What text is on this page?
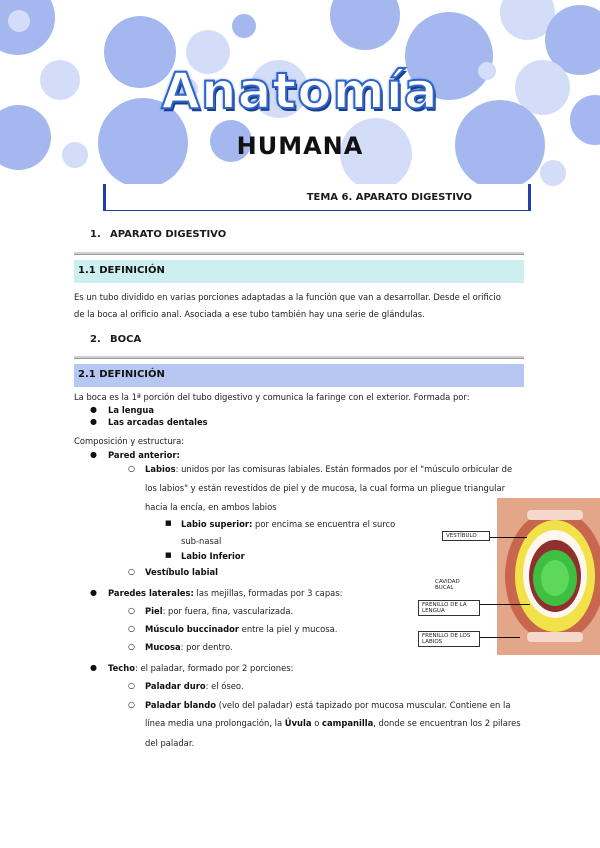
Anatomía
HUMANA
TEMA 6. APARATO DIGESTIVO
1. APARATO DIGESTIVO
1.1 DEFINICIÓN
Es un tubo dividido en varias porciones adaptadas a la función que van a desarrollar. Desde el orificio
de la boca al orificio anal. Asociada a ese tubo también hay una serie de glándulas.
2. BOCA
2.1 DEFINICIÓN
La boca es la 1ª porción del tubo digestivo y comunica la faringe con el exterior. Formada por:
● La lengua
● Las arcadas dentales
Composición y estructura:
● Pared anterior:
○ Labios: unidos por las comisuras labiales. Están formados por el "músculo orbicular de
los labios" y están revestidos de piel y de mucosa, la cual forma un pliegue triangular
hacia la encía, en ambos labios
■ Labio superior: por encima se encuentra el surco
sub-nasal
■ Labio Inferior
○ Vestíbulo labial
● Paredes laterales: las mejillas, formadas por 3 capas:
○ Piel: por fuera, fina, vascularizada.
○ Músculo buccinador entre la piel y mucosa.
○ Mucosa: por dentro.
● Techo: el paladar, formado por 2 porciones:
○ Paladar duro: el óseo.
○ Paladar blando (velo del paladar) está tapizado por mucosa muscular. Contiene en la
línea media una prolongación, la Úvula o campanilla, donde se encuentran los 2 pilares
del paladar.
VESTÍBULO
CAVIDAD BUCAL
FRENILLO DE LA LENGUA
FRENILLO DE LOS LABIOS
